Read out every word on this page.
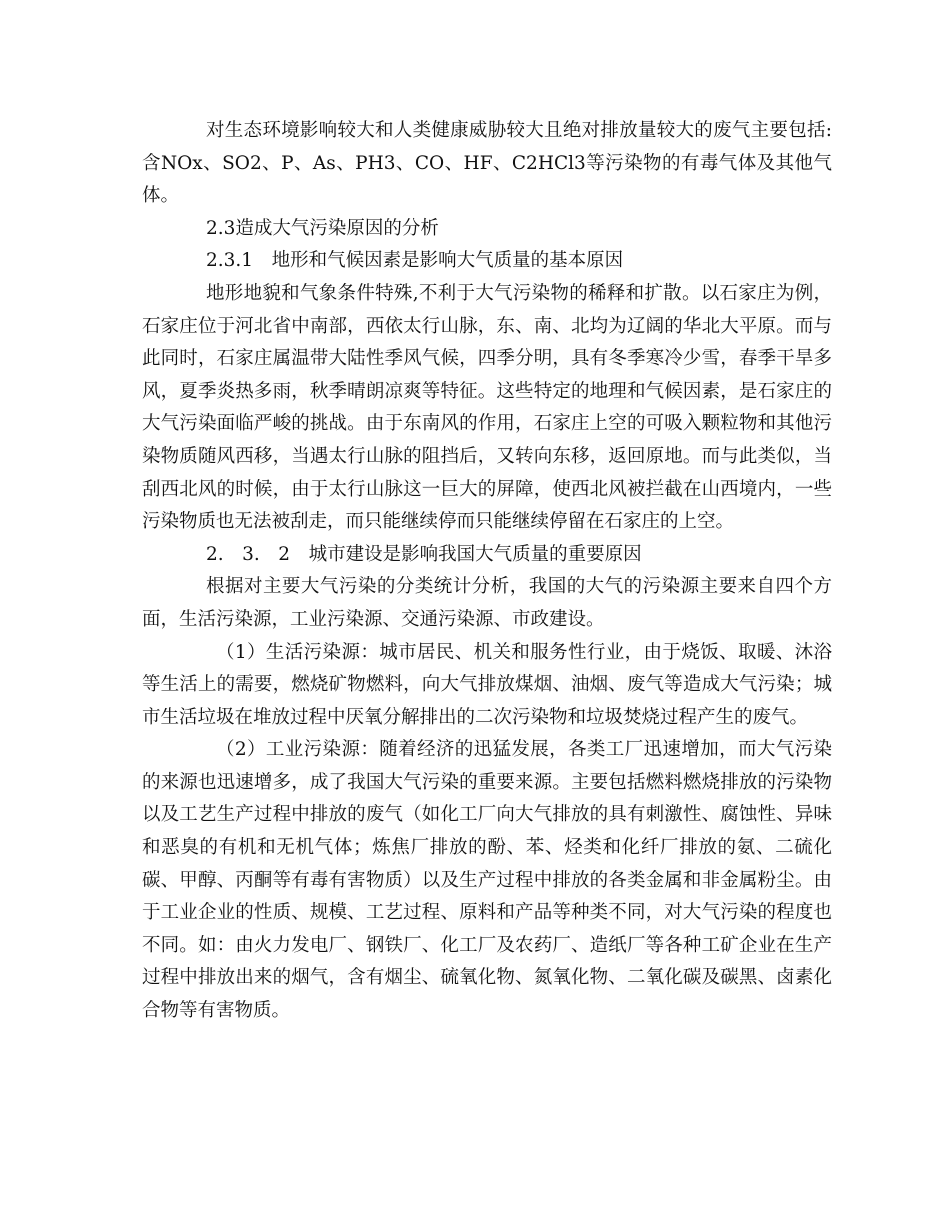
对生态环境影响较大和人类健康威胁较大且绝对排放量较大的废气主要包括:含NOx、SO2、P、As、PH3、CO、HF、C2HCl3等污染物的有毒气体及其他气体。

2.3造成大气污染原因的分析

2.3.1　地形和气候因素是影响大气质量的基本原因

地形地貌和气象条件特殊,不利于大气污染物的稀释和扩散。以石家庄为例，石家庄位于河北省中南部，西依太行山脉，东、南、北均为辽阔的华北大平原。而与此同时，石家庄属温带大陆性季风气候，四季分明，具有冬季寒冷少雪，春季干旱多风，夏季炎热多雨，秋季晴朗凉爽等特征。这些特定的地理和气候因素，是石家庄的大气污染面临严峻的挑战。由于东南风的作用，石家庄上空的可吸入颗粒物和其他污染物质随风西移，当遇太行山脉的阻挡后，又转向东移，返回原地。而与此类似，当刮西北风的时候，由于太行山脉这一巨大的屏障，使西北风被拦截在山西境内，一些污染物质也无法被刮走，而只能继续停而只能继续停留在石家庄的上空。

2.　3.　2　城市建设是影响我国大气质量的重要原因

根据对主要大气污染的分类统计分析，我国的大气的污染源主要来自四个方面，生活污染源，工业污染源、交通污染源、市政建设。

（1）生活污染源：城市居民、机关和服务性行业，由于烧饭、取暖、沐浴等生活上的需要，燃烧矿物燃料，向大气排放煤烟、油烟、废气等造成大气污染；城市生活垃圾在堆放过程中厌氧分解排出的二次污染物和垃圾焚烧过程产生的废气。

（2）工业污染源：随着经济的迅猛发展，各类工厂迅速增加，而大气污染的来源也迅速增多，成了我国大气污染的重要来源。主要包括燃料燃烧排放的污染物以及工艺生产过程中排放的废气（如化工厂向大气排放的具有刺激性、腐蚀性、异味和恶臭的有机和无机气体；炼焦厂排放的酚、苯、烃类和化纤厂排放的氨、二硫化碳、甲醇、丙酮等有毒有害物质）以及生产过程中排放的各类金属和非金属粉尘。由于工业企业的性质、规模、工艺过程、原料和产品等种类不同，对大气污染的程度也不同。如：由火力发电厂、钢铁厂、化工厂及农药厂、造纸厂等各种工矿企业在生产过程中排放出来的烟气，含有烟尘、硫氧化物、氮氧化物、二氧化碳及碳黑、卤素化合物等有害物质。
